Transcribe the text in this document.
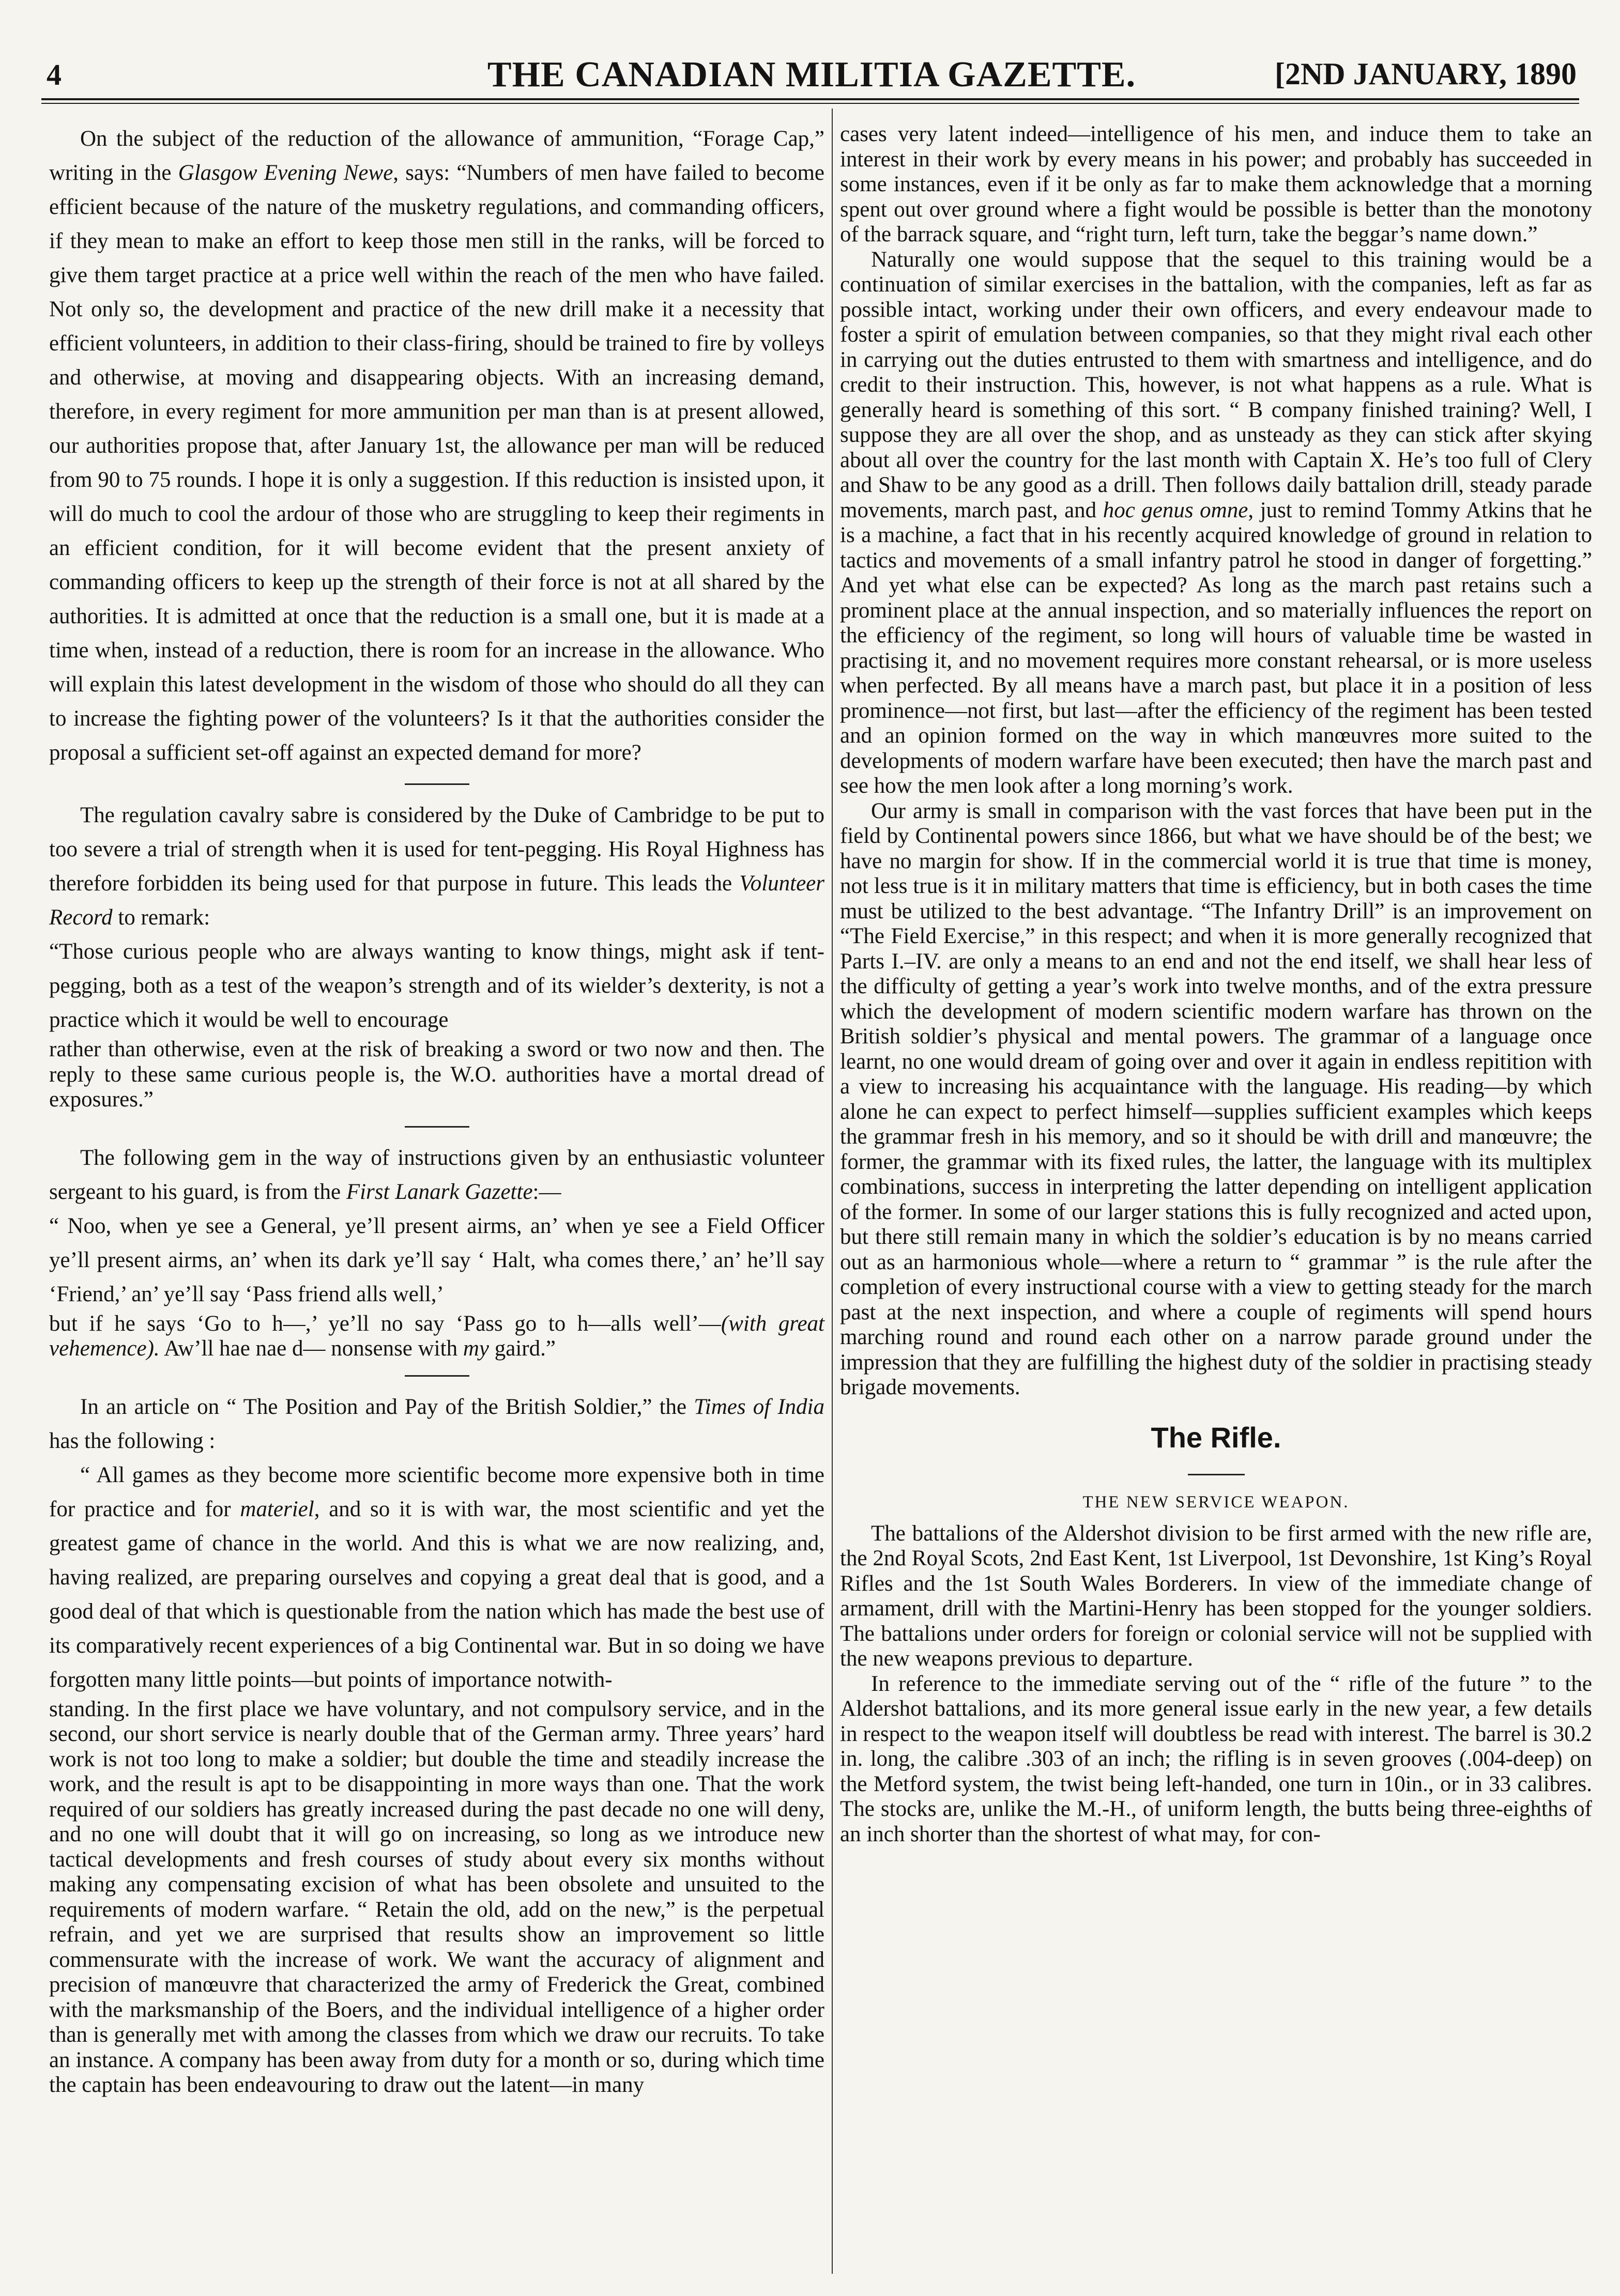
4	THE CANADIAN MILITIA GAZETTE.	[2ND JANUARY, 1890

On the subject of the reduction of the allowance of ammunition, “Forage Cap,” writing in the Glasgow Evening Newe, says: “Numbers of men have failed to become efficient because of the nature of the musketry regulations, and commanding officers, if they mean to make an effort to keep those men still in the ranks, will be forced to give them target practice at a price well within the reach of the men who have failed. Not only so, the development and practice of the new drill make it a necessity that efficient volunteers, in addition to their class-firing, should be trained to fire by volleys and otherwise, at moving and disappearing objects. With an increasing demand, therefore, in every regiment for more ammunition per man than is at present allowed, our authorities propose that, after January 1st, the allowance per man will be reduced from 90 to 75 rounds. I hope it is only a suggestion. If this reduction is insisted upon, it will do much to cool the ardour of those who are struggling to keep their regiments in an efficient condition, for it will become evident that the present anxiety of commanding officers to keep up the strength of their force is not at all shared by the authorities. It is admitted at once that the reduction is a small one, but it is made at a time when, instead of a reduction, there is room for an increase in the allowance. Who will explain this latest development in the wisdom of those who should do all they can to increase the fighting power of the volunteers? Is it that the authorities consider the proposal a sufficient set-off against an expected demand for more?

The regulation cavalry sabre is considered by the Duke of Cambridge to be put to too severe a trial of strength when it is used for tent-pegging. His Royal Highness has therefore forbidden its being used for that purpose in future. This leads the Volunteer Record to remark:

“Those curious people who are always wanting to know things, might ask if tent-pegging, both as a test of the weapon’s strength and of its wielder’s dexterity, is not a practice which it would be well to encourage

rather than otherwise, even at the risk of breaking a sword or two now and then. The reply to these same curious people is, the W.O. authorities have a mortal dread of exposures.”

The following gem in the way of instructions given by an enthusiastic volunteer sergeant to his guard, is from the First Lanark Gazette:—

“ Noo, when ye see a General, ye’ll present airms, an’ when ye see a Field Officer ye’ll present airms, an’ when its dark ye’ll say ‘ Halt, wha comes there,’ an’ he’ll say ‘Friend,’ an’ ye’ll say ‘Pass friend alls well,’

but if he says ‘Go to h—,’ ye’ll no say ‘Pass go to h—alls well’—(with great vehemence). Aw’ll hae nae d— nonsense with my gaird.”

In an article on “ The Position and Pay of the British Soldier,” the Times of India has the following :

“ All games as they become more scientific become more expensive both in time for practice and for materiel, and so it is with war, the most scientific and yet the greatest game of chance in the world. And this is what we are now realizing, and, having realized, are preparing ourselves and copying a great deal that is good, and a good deal of that which is questionable from the nation which has made the best use of its comparatively recent experiences of a big Continental war. But in so doing we have forgotten many little points—but points of importance notwith-

standing. In the first place we have voluntary, and not compulsory service, and in the second, our short service is nearly double that of the German army. Three years’ hard work is not too long to make a soldier; but double the time and steadily increase the work, and the result is apt to be disappointing in more ways than one. That the work required of our soldiers has greatly increased during the past decade no one will deny, and no one will doubt that it will go on increasing, so long as we introduce new tactical developments and fresh courses of study about every six months without making any compensating excision of what has been obsolete and unsuited to the requirements of modern warfare. “ Retain the old, add on the new,” is the perpetual refrain, and yet we are surprised that results show an improvement so little commensurate with the increase of work. We want the accuracy of alignment and precision of manœuvre that characterized the army of Frederick the Great, combined with the marksmanship of the Boers, and the individual intelligence of a higher order than is generally met with among the classes from which we draw our recruits. To take an instance. A company has been away from duty for a month or so, during which time the captain has been endeavouring to draw out the latent—in many

cases very latent indeed—intelligence of his men, and induce them to take an interest in their work by every means in his power; and probably has succeeded in some instances, even if it be only as far to make them acknowledge that a morning spent out over ground where a fight would be possible is better than the monotony of the barrack square, and “right turn, left turn, take the beggar’s name down.”

Naturally one would suppose that the sequel to this training would be a continuation of similar exercises in the battalion, with the companies, left as far as possible intact, working under their own officers, and every endeavour made to foster a spirit of emulation between companies, so that they might rival each other in carrying out the duties entrusted to them with smartness and intelligence, and do credit to their instruction. This, however, is not what happens as a rule. What is generally heard is something of this sort. “ B company finished training? Well, I suppose they are all over the shop, and as unsteady as they can stick after skying about all over the country for the last month with Captain X. He’s too full of Clery and Shaw to be any good as a drill. Then follows daily battalion drill, steady parade movements, march past, and hoc genus omne, just to remind Tommy Atkins that he is a machine, a fact that in his recently acquired knowledge of ground in relation to tactics and movements of a small infantry patrol he stood in danger of forgetting.” And yet what else can be expected? As long as the march past retains such a prominent place at the annual inspection, and so materially influences the report on the efficiency of the regiment, so long will hours of valuable time be wasted in practising it, and no movement requires more constant rehearsal, or is more useless when perfected. By all means have a march past, but place it in a position of less prominence—not first, but last—after the efficiency of the regiment has been tested and an opinion formed on the way in which manœuvres more suited to the developments of modern warfare have been executed; then have the march past and see how the men look after a long morning’s work.

Our army is small in comparison with the vast forces that have been put in the field by Continental powers since 1866, but what we have should be of the best; we have no margin for show. If in the commercial world it is true that time is money, not less true is it in military matters that time is efficiency, but in both cases the time must be utilized to the best advantage. “The Infantry Drill” is an improvement on “The Field Exercise,” in this respect; and when it is more generally recognized that Parts I.–IV. are only a means to an end and not the end itself, we shall hear less of the difficulty of getting a year’s work into twelve months, and of the extra pressure which the development of modern scientific modern warfare has thrown on the British soldier’s physical and mental powers. The grammar of a language once learnt, no one would dream of going over and over it again in endless repitition with a view to increasing his acquaintance with the language. His reading—by which alone he can expect to perfect himself—supplies sufficient examples which keeps the grammar fresh in his memory, and so it should be with drill and manœuvre; the former, the grammar with its fixed rules, the latter, the language with its multiplex combinations, success in interpreting the latter depending on intelligent application of the former. In some of our larger stations this is fully recognized and acted upon, but there still remain many in which the soldier’s education is by no means carried out as an harmonious whole—where a return to “ grammar ” is the rule after the completion of every instructional course with a view to getting steady for the march past at the next inspection, and where a couple of regiments will spend hours marching round and round each other on a narrow parade ground under the impression that they are fulfilling the highest duty of the soldier in practising steady brigade movements.

The Rifle.
THE NEW SERVICE WEAPON.

The battalions of the Aldershot division to be first armed with the new rifle are, the 2nd Royal Scots, 2nd East Kent, 1st Liverpool, 1st Devonshire, 1st King’s Royal Rifles and the 1st South Wales Borderers. In view of the immediate change of armament, drill with the Martini-Henry has been stopped for the younger soldiers. The battalions under orders for foreign or colonial service will not be supplied with the new weapons previous to departure.

In reference to the immediate serving out of the “ rifle of the future ” to the Aldershot battalions, and its more general issue early in the new year, a few details in respect to the weapon itself will doubtless be read with interest. The barrel is 30.2 in. long, the calibre .303 of an inch; the rifling is in seven grooves (.004-deep) on the Metford system, the twist being left-handed, one turn in 10in., or in 33 calibres. The stocks are, unlike the M.-H., of uniform length, the butts being three-eighths of an inch shorter than the shortest of what may, for con-
